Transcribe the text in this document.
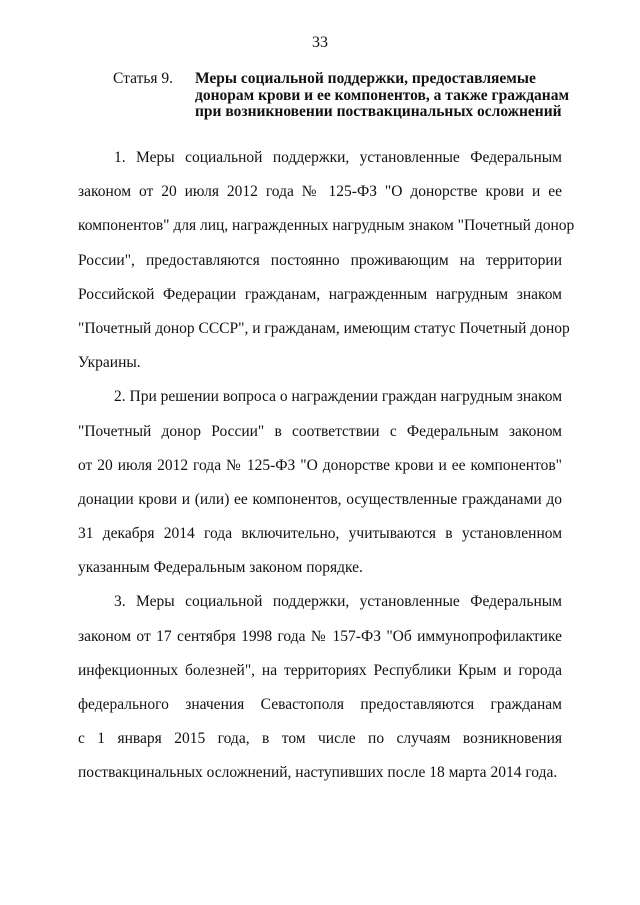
33
Статья 9.	Меры социальной поддержки, предоставляемые
донорам крови и ее компонентов, а также гражданам
при возникновении поствакцинальных осложнений
1. Меры социальной поддержки, установленные Федеральным
законом от 20 июля 2012 года № 125-ФЗ "О донорстве крови и ее
компонентов" для лиц, награжденных нагрудным знаком "Почетный донор
России", предоставляются постоянно проживающим на территории
Российской Федерации гражданам, награжденным нагрудным знаком
"Почетный донор СССР", и гражданам, имеющим статус Почетный донор
Украины.
2. При решении вопроса о награждении граждан нагрудным знаком
"Почетный донор России" в соответствии с Федеральным законом
от 20 июля 2012 года № 125-ФЗ "О донорстве крови и ее компонентов"
донации крови и (или) ее компонентов, осуществленные гражданами до
31 декабря 2014 года включительно, учитываются в установленном
указанным Федеральным законом порядке.
3. Меры социальной поддержки, установленные Федеральным
законом от 17 сентября 1998 года № 157-ФЗ "Об иммунопрофилактике
инфекционных болезней", на территориях Республики Крым и города
федерального значения Севастополя предоставляются гражданам
с 1 января 2015 года, в том числе по случаям возникновения
поствакцинальных осложнений, наступивших после 18 марта 2014 года.
